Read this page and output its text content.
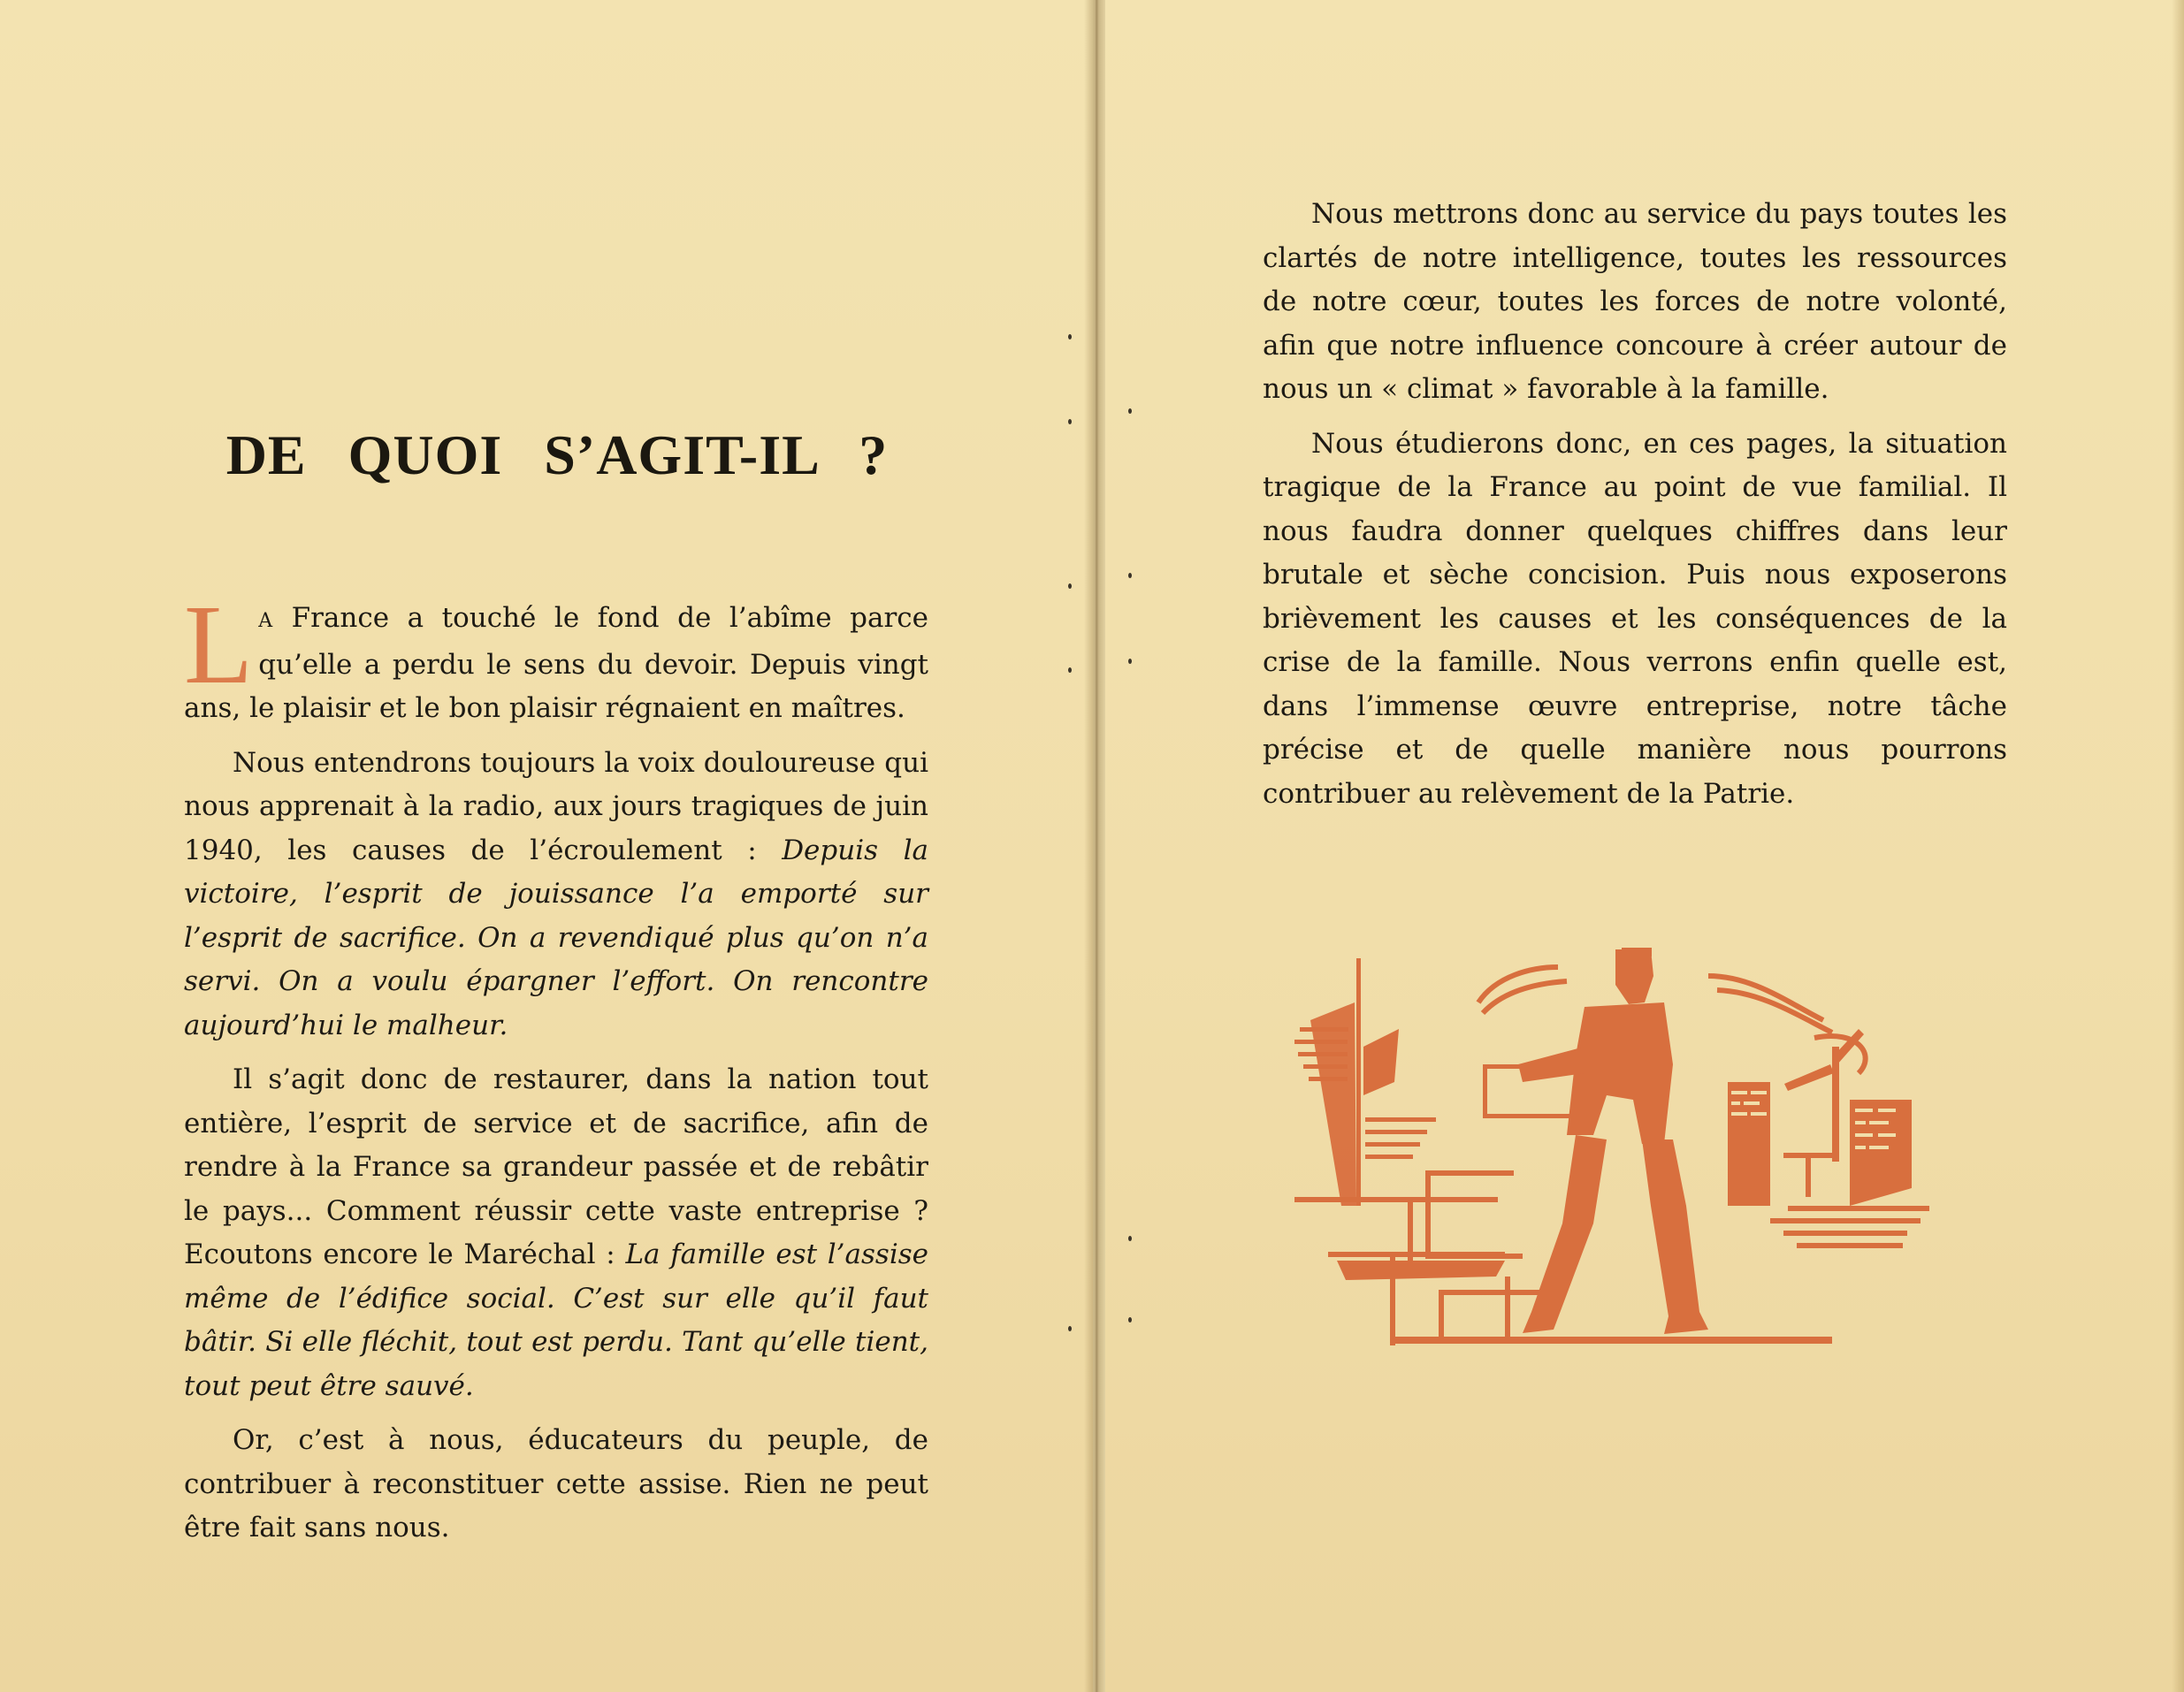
DE QUOI S’AGIT-IL ?

L A France a touché le fond de l’abîme parce qu’elle a perdu le sens du devoir. Depuis vingt ans, le plaisir et le bon plaisir régnaient en maîtres.

Nous entendrons toujours la voix douloureuse qui nous apprenait à la radio, aux jours tragiques de juin 1940, les causes de l’écroulement : Depuis la victoire, l’esprit de jouissance l’a emporté sur l’esprit de sacrifice. On a revendiqué plus qu’on n’a servi. On a voulu épargner l’effort. On rencontre aujourd’hui le malheur.

Il s’agit donc de restaurer, dans la nation tout entière, l’esprit de service et de sacrifice, afin de rendre à la France sa grandeur passée et de rebâtir le pays... Comment réussir cette vaste entreprise ? Ecoutons encore le Maréchal : La famille est l’assise même de l’édifice social. C’est sur elle qu’il faut bâtir. Si elle fléchit, tout est perdu. Tant qu’elle tient, tout peut être sauvé.

Or, c’est à nous, éducateurs du peuple, de contribuer à reconstituer cette assise. Rien ne peut être fait sans nous.

Nous mettrons donc au service du pays toutes les clartés de notre intelligence, toutes les ressources de notre cœur, toutes les forces de notre volonté, afin que notre influence concoure à créer autour de nous un « climat » favorable à la famille.

Nous étudierons donc, en ces pages, la situation tragique de la France au point de vue familial. Il nous faudra donner quelques chiffres dans leur brutale et sèche concision. Puis nous exposerons brièvement les causes et les conséquences de la crise de la famille. Nous verrons enfin quelle est, dans l’immense œuvre entreprise, notre tâche précise et de quelle manière nous pourrons contribuer au relèvement de la Patrie.
